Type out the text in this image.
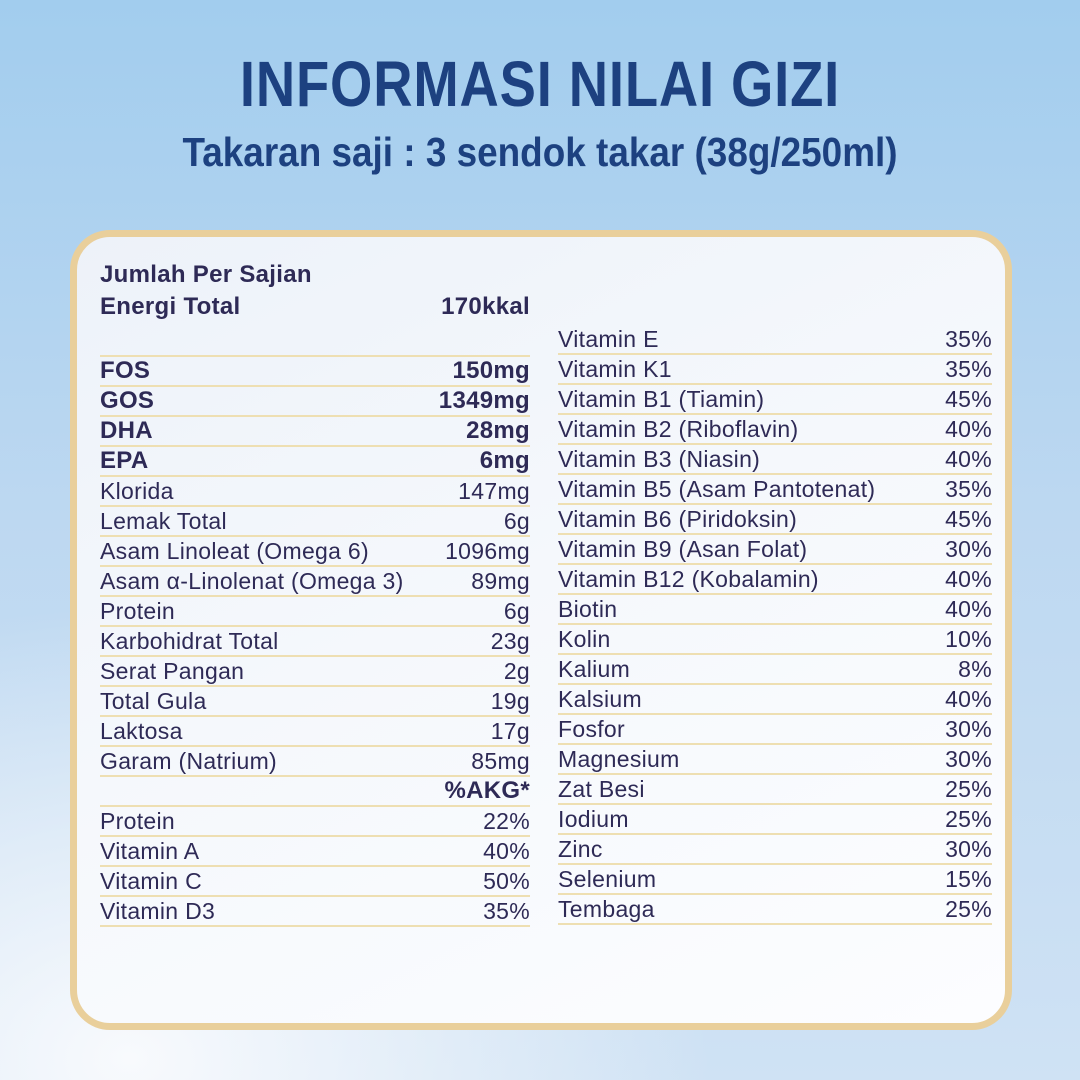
INFORMASI NILAI GIZI
Takaran saji : 3 sendok takar (38g/250ml)
Jumlah Per Sajian
Energi Total	170kkal
FOS	150mg
GOS	1349mg
DHA	28mg
EPA	6mg
Klorida	147mg
Lemak Total	6g
Asam Linoleat (Omega 6)	1096mg
Asam α-Linolenat (Omega 3)	89mg
Protein	6g
Karbohidrat Total	23g
Serat Pangan	2g
Total Gula	19g
Laktosa	17g
Garam (Natrium)	85mg
%AKG*
Protein	22%
Vitamin A	40%
Vitamin C	50%
Vitamin D3	35%
Vitamin E	35%
Vitamin K1	35%
Vitamin B1 (Tiamin)	45%
Vitamin B2 (Riboflavin)	40%
Vitamin B3 (Niasin)	40%
Vitamin B5 (Asam Pantotenat)	35%
Vitamin B6 (Piridoksin)	45%
Vitamin B9 (Asan Folat)	30%
Vitamin B12 (Kobalamin)	40%
Biotin	40%
Kolin	10%
Kalium	8%
Kalsium	40%
Fosfor	30%
Magnesium	30%
Zat Besi	25%
Iodium	25%
Zinc	30%
Selenium	15%
Tembaga	25%
